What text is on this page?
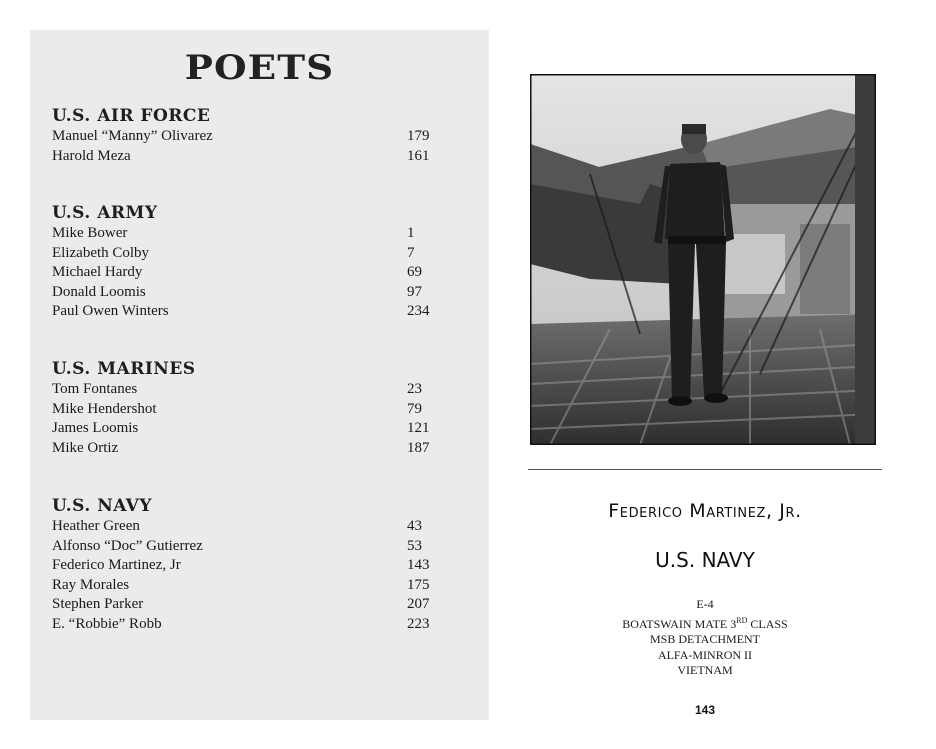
POETS
U.S. AIR FORCE
Manuel “Manny” Olivarez	179
Harold Meza	161
U.S. ARMY
Mike Bower	1
Elizabeth Colby	7
Michael Hardy	69
Donald Loomis	97
Paul Owen Winters	234
U.S. MARINES
Tom Fontanes	23
Mike Hendershot	79
James Loomis	121
Mike Ortiz	187
U.S. NAVY
Heather Green	43
Alfonso “Doc” Gutierrez	53
Federico Martinez, Jr	143
Ray Morales	175
Stephen Parker	207
E. “Robbie” Robb	223
Federico Martinez, Jr.
U.S. NAVY
E-4
BOATSWAIN MATE 3RD CLASS
MSB DETACHMENT
ALFA-MINRON II
VIETNAM
143
